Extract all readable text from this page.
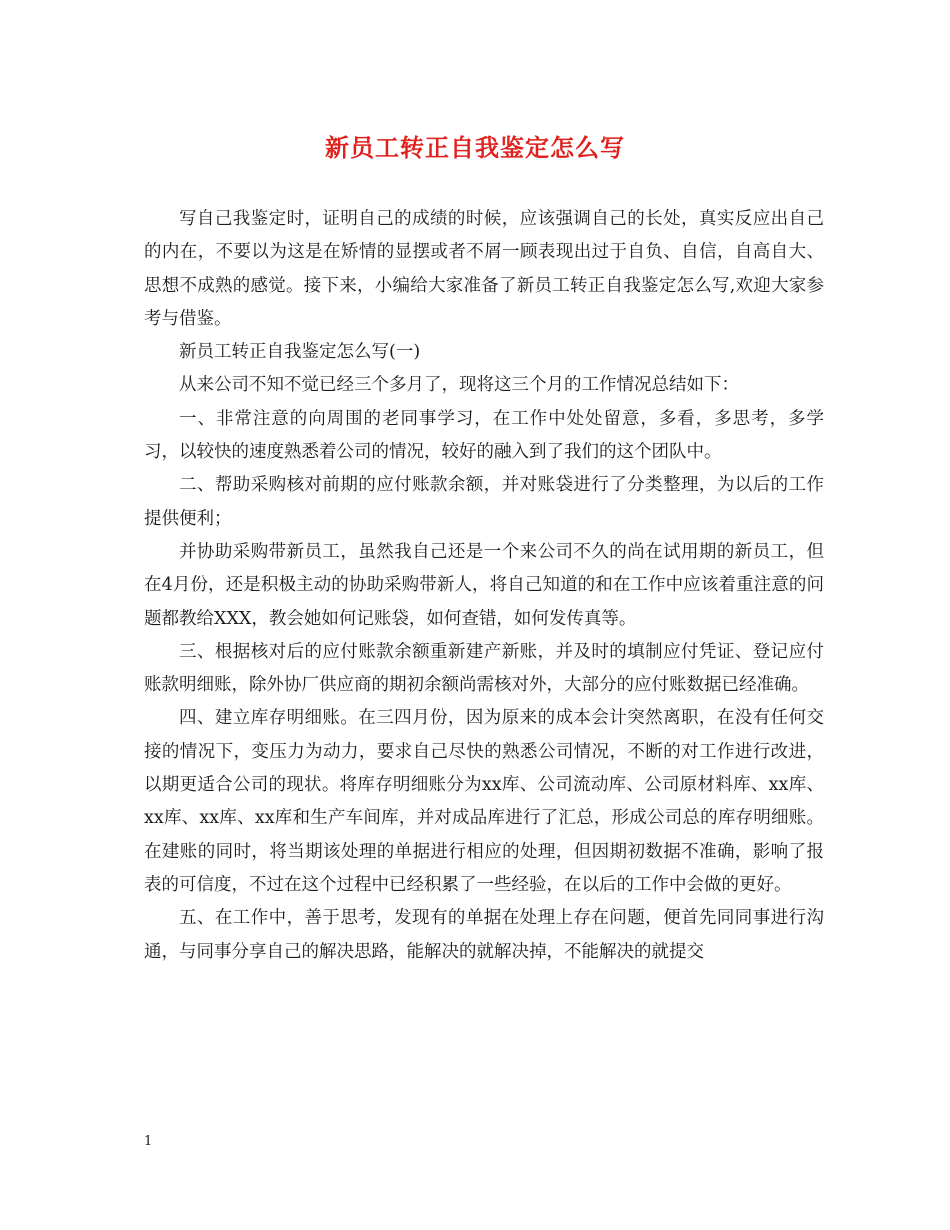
新员工转正自我鉴定怎么写

写自己我鉴定时，证明自己的成绩的时候，应该强调自己的长处，真实反应出自己的内在，不要以为这是在矫情的显摆或者不屑一顾表现出过于自负、自信，自高自大、思想不成熟的感觉。接下来，小编给大家准备了新员工转正自我鉴定怎么写,欢迎大家参考与借鉴。

新员工转正自我鉴定怎么写(一)

从来公司不知不觉已经三个多月了，现将这三个月的工作情况总结如下：

一、非常注意的向周围的老同事学习，在工作中处处留意，多看，多思考，多学习，以较快的速度熟悉着公司的情况，较好的融入到了我们的这个团队中。

二、帮助采购核对前期的应付账款余额，并对账袋进行了分类整理，为以后的工作提供便利；

并协助采购带新员工，虽然我自己还是一个来公司不久的尚在试用期的新员工，但在4月份，还是积极主动的协助采购带新人，将自己知道的和在工作中应该着重注意的问题都教给XXX，教会她如何记账袋，如何查错，如何发传真等。

三、根据核对后的应付账款余额重新建产新账，并及时的填制应付凭证、登记应付账款明细账，除外协厂供应商的期初余额尚需核对外，大部分的应付账数据已经准确。

四、建立库存明细账。在三四月份，因为原来的成本会计突然离职，在没有任何交接的情况下，变压力为动力，要求自己尽快的熟悉公司情况，不断的对工作进行改进，以期更适合公司的现状。将库存明细账分为xx库、公司流动库、公司原材料库、xx库、xx库、xx库、xx库和生产车间库，并对成品库进行了汇总，形成公司总的库存明细账。在建账的同时，将当期该处理的单据进行相应的处理，但因期初数据不准确，影响了报表的可信度，不过在这个过程中已经积累了一些经验，在以后的工作中会做的更好。

五、在工作中，善于思考，发现有的单据在处理上存在问题，便首先同同事进行沟通，与同事分享自己的解决思路，能解决的就解决掉，不能解决的就提交

1
